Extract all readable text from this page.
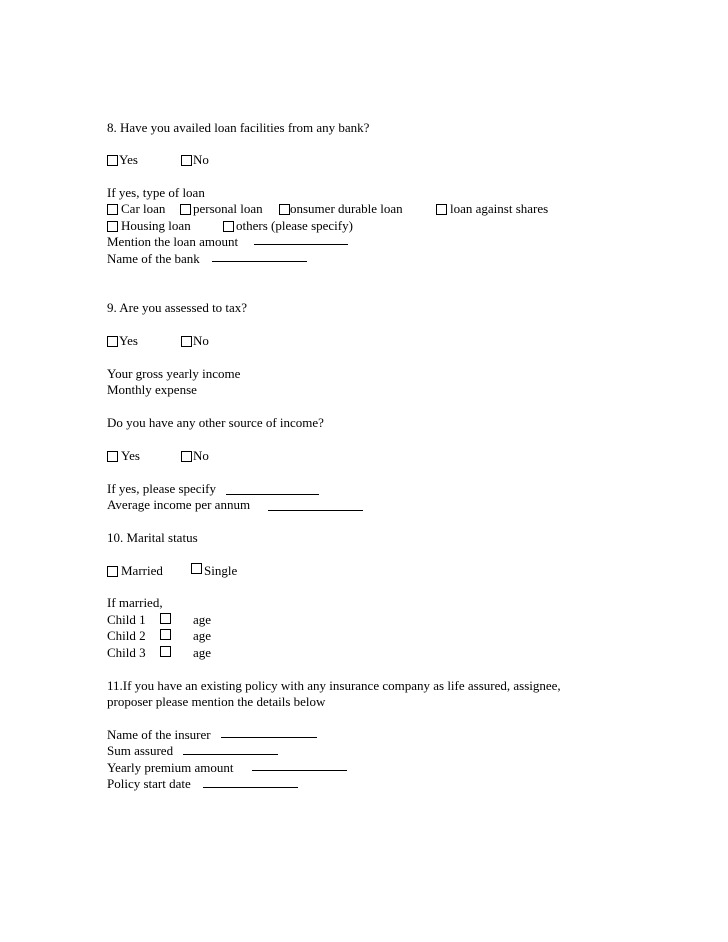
8. Have you availed loan facilities from any bank?
Yes	No
If yes, type of loan
Car loan personal loan onsumer durable loan	loan against shares
Housing loan	others (please specify)
Mention the loan amount
Name of the bank
9. Are you assessed to tax?
Yes	No
Your gross yearly income
Monthly expense
Do you have any other source of income?
Yes	No
If yes, please specify
Average income per annum
10. Marital status
Married	Single
If married,
Child 1	age
Child 2	age
Child 3	age
11.If you have an existing policy with any insurance company as life assured, assignee,
proposer please mention the details below
Name of the insurer
Sum assured
Yearly premium amount
Policy start date
